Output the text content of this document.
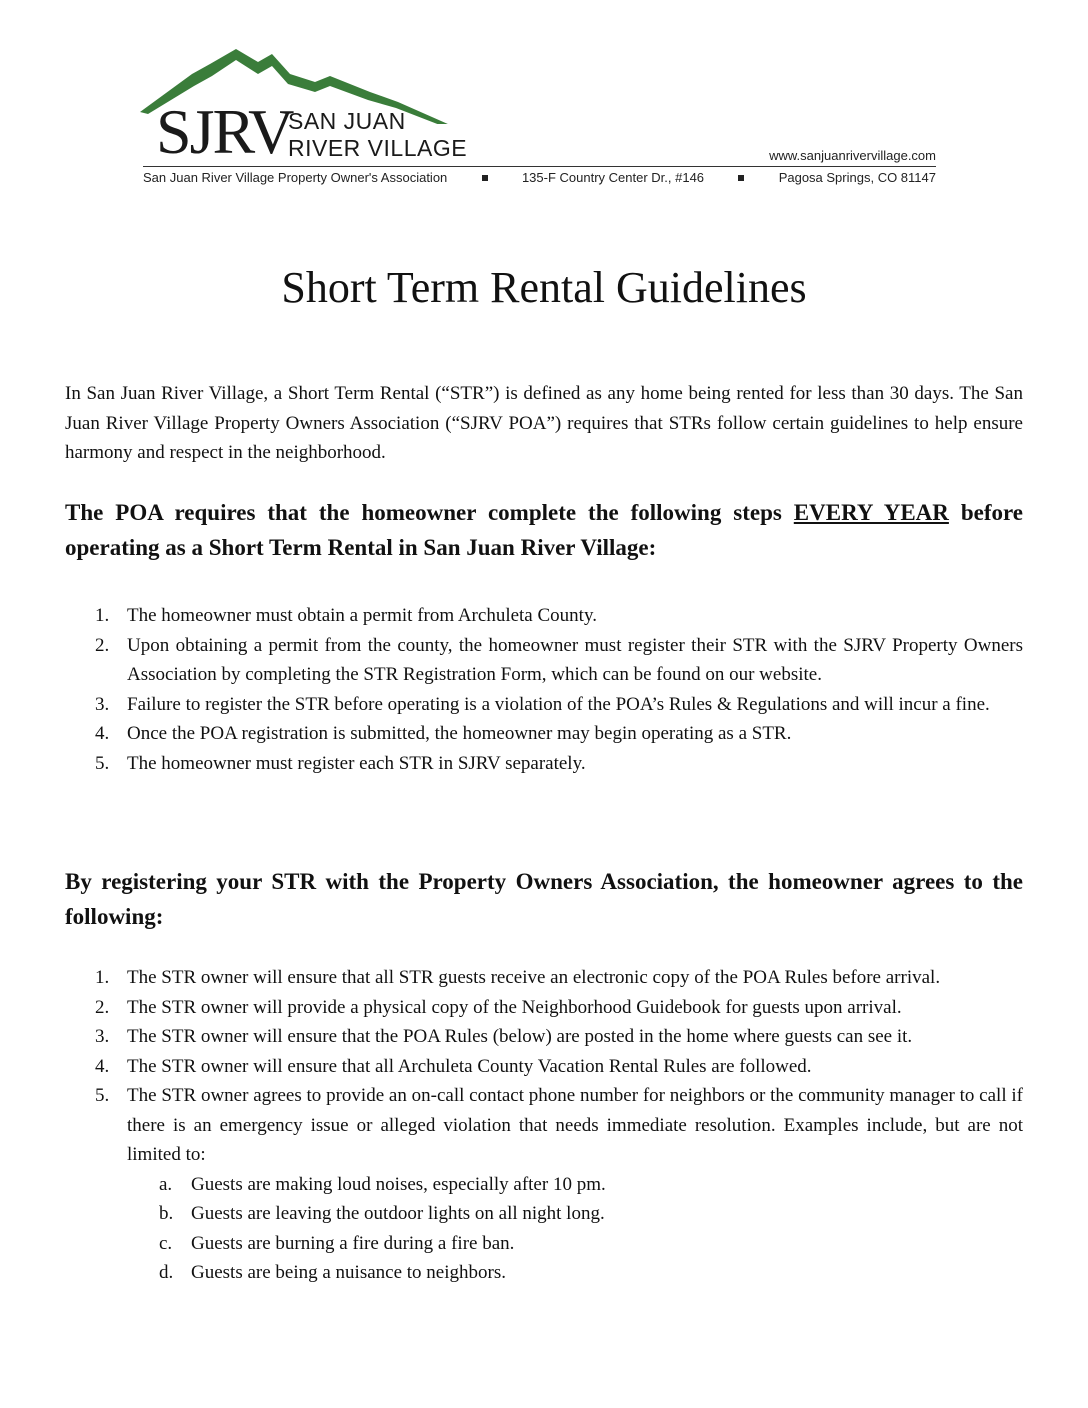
SJRV
SAN JUAN
RIVER VILLAGE	www.sanjuanrivervillage.com
San Juan River Village Property Owner's Association	135-F Country Center Dr., #146	Pagosa Springs, CO 81147
Short Term Rental Guidelines

In San Juan River Village, a Short Term Rental (“STR”) is defined as any home being rented for less than 30 days. The San Juan River Village Property Owners Association (“SJRV POA”) requires that STRs follow certain guidelines to help ensure harmony and respect in the neighborhood.

The POA requires that the homeowner complete the following steps EVERY YEAR before operating as a Short Term Rental in San Juan River Village:
1. The homeowner must obtain a permit from Archuleta County.
2. Upon obtaining a permit from the county, the homeowner must register their STR with the SJRV Property Owners Association by completing the STR Registration Form, which can be found on our website.
3. Failure to register the STR before operating is a violation of the POA’s Rules & Regulations and will incur a fine.
4. Once the POA registration is submitted, the homeowner may begin operating as a STR.
5. The homeowner must register each STR in SJRV separately.
By registering your STR with the Property Owners Association, the homeowner agrees to the following:
1. The STR owner will ensure that all STR guests receive an electronic copy of the POA Rules before arrival.
2. The STR owner will provide a physical copy of the Neighborhood Guidebook for guests upon arrival.
3. The STR owner will ensure that the POA Rules (below) are posted in the home where guests can see it.
4. The STR owner will ensure that all Archuleta County Vacation Rental Rules are followed.
5. The STR owner agrees to provide an on-call contact phone number for neighbors or the community manager to call if there is an emergency issue or alleged violation that needs immediate resolution. Examples include, but are not limited to:
a. Guests are making loud noises, especially after 10 pm.
b. Guests are leaving the outdoor lights on all night long.
c. Guests are burning a fire during a fire ban.
d. Guests are being a nuisance to neighbors.
